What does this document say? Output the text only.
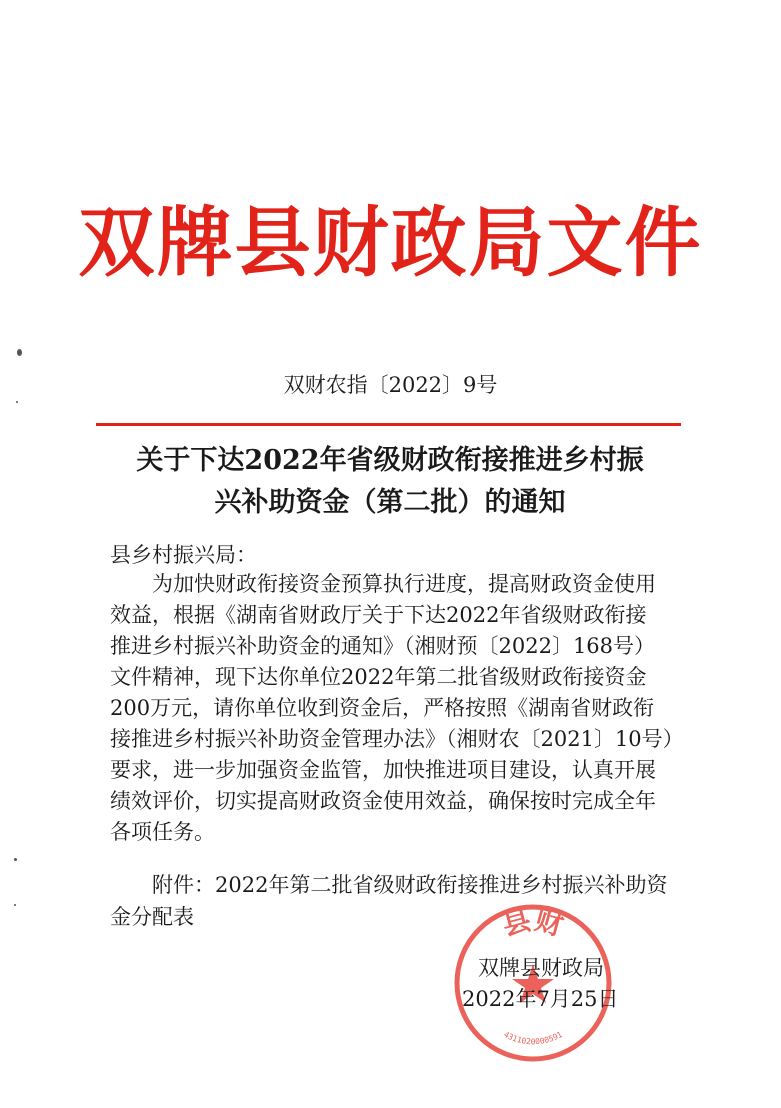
双牌县财政局文件
双财农指〔2022〕9号
关于下达2022年省级财政衔接推进乡村振
兴补助资金（第二批）的通知
县乡村振兴局：
　　为加快财政衔接资金预算执行进度，提高财政资金使用
效益，根据《湖南省财政厅关于下达2022年省级财政衔接
推进乡村振兴补助资金的通知》（湘财预〔2022〕168号）
文件精神，现下达你单位2022年第二批省级财政衔接资金
200万元，请你单位收到资金后，严格按照《湖南省财政衔
接推进乡村振兴补助资金管理办法》（湘财农〔2021〕10号）
要求，进一步加强资金监管，加快推进项目建设，认真开展
绩效评价，切实提高财政资金使用效益，确保按时完成全年
各项任务。
　　附件：2022年第二批省级财政衔接推进乡村振兴补助资
金分配表	县财
4311020000591
双牌县财政局
2022年7月25日
